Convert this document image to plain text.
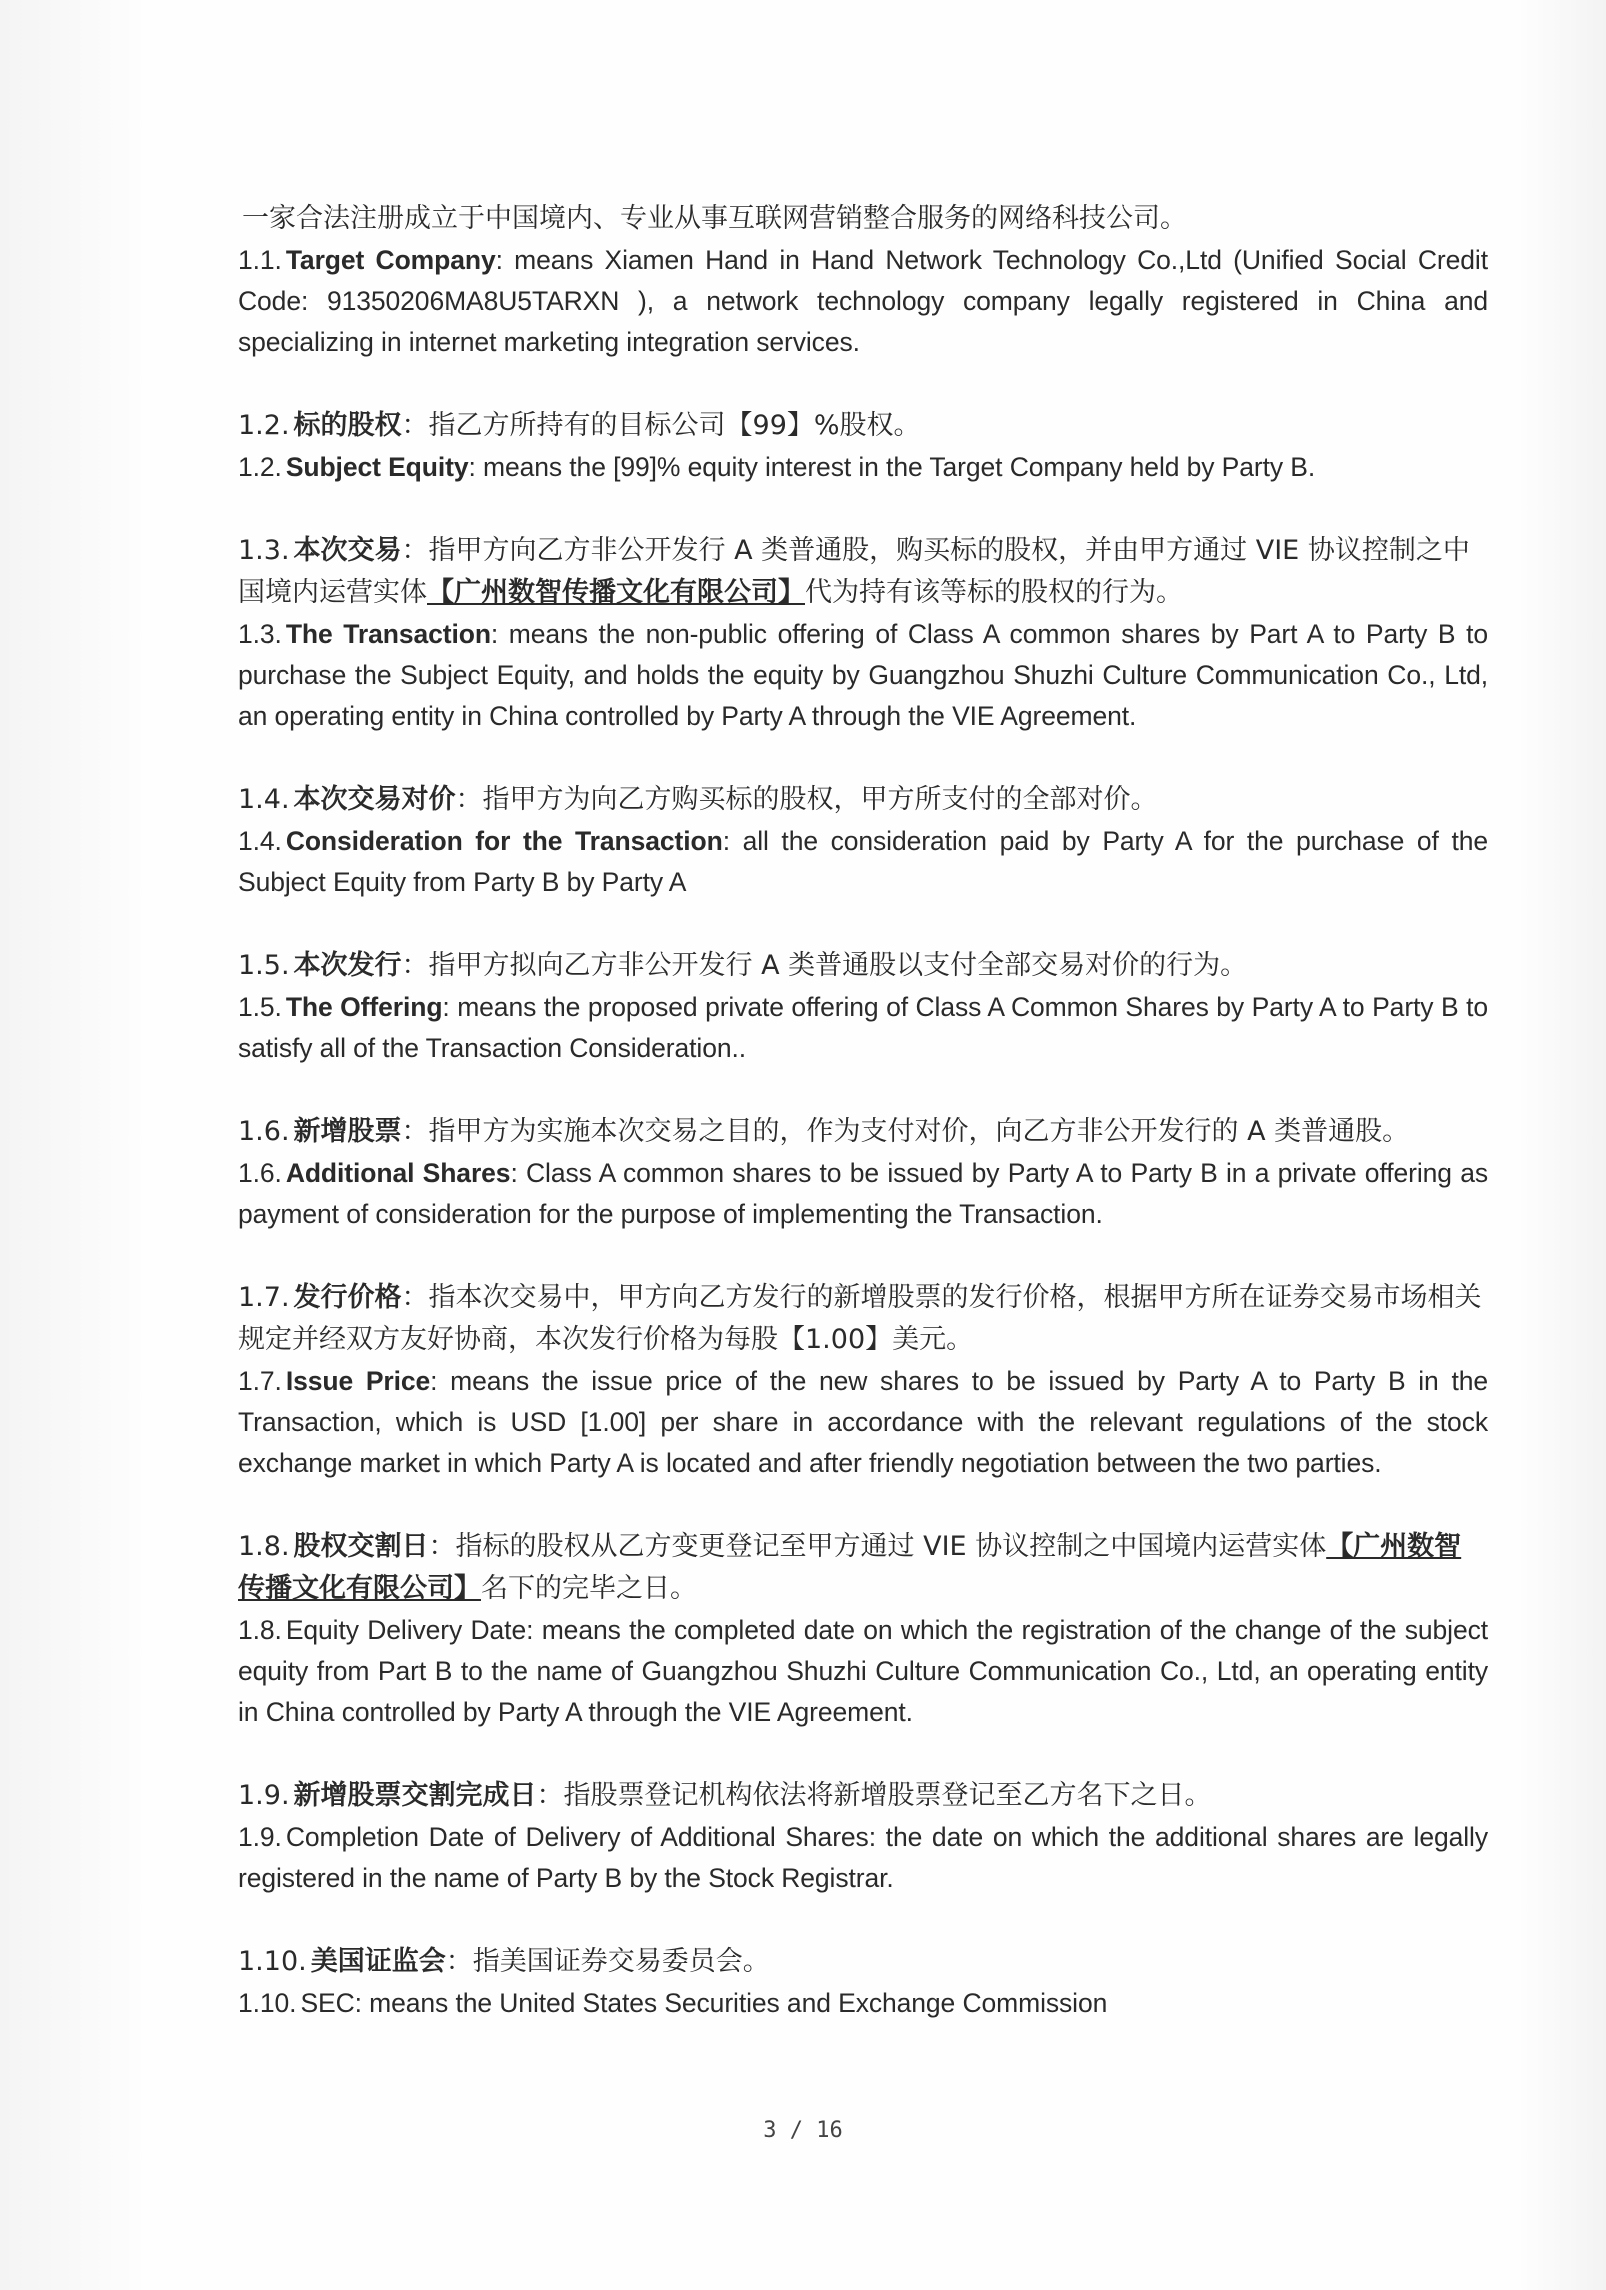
一家合法注册成立于中国境内、专业从事互联网营销整合服务的网络科技公司。

1.1. Target Company: means Xiamen Hand in Hand Network Technology Co.,Ltd (Unified Social Credit Code: 91350206MA8U5TARXN ), a network technology company legally registered in China and specializing in internet marketing integration services.

1.2. 标的股权：指乙方所持有的目标公司【99】%股权。

1.2. Subject Equity: means the [99]% equity interest in the Target Company held by Party B.

1.3. 本次交易：指甲方向乙方非公开发行 A 类普通股，购买标的股权，并由甲方通过 VIE 协议控制之中国境内运营实体【广州数智传播文化有限公司】代为持有该等标的股权的行为。

1.3. The Transaction: means the non-public offering of Class A common shares by Part A to Party B to purchase the Subject Equity, and holds the equity by Guangzhou Shuzhi Culture Communication Co., Ltd, an operating entity in China controlled by Party A through the VIE Agreement.

1.4. 本次交易对价：指甲方为向乙方购买标的股权，甲方所支付的全部对价。

1.4. Consideration for the Transaction: all the consideration paid by Party A for the purchase of the Subject Equity from Party B by Party A

1.5. 本次发行：指甲方拟向乙方非公开发行 A 类普通股以支付全部交易对价的行为。

1.5. The Offering: means the proposed private offering of Class A Common Shares by Party A to Party B to satisfy all of the Transaction Consideration..

1.6. 新增股票：指甲方为实施本次交易之目的，作为支付对价，向乙方非公开发行的 A 类普通股。

1.6. Additional Shares: Class A common shares to be issued by Party A to Party B in a private offering as payment of consideration for the purpose of implementing the Transaction.

1.7. 发行价格：指本次交易中，甲方向乙方发行的新增股票的发行价格，根据甲方所在证券交易市场相关规定并经双方友好协商，本次发行价格为每股【1.00】美元。

1.7. Issue Price: means the issue price of the new shares to be issued by Party A to Party B in the Transaction, which is USD [1.00] per share in accordance with the relevant regulations of the stock exchange market in which Party A is located and after friendly negotiation between the two parties.

1.8. 股权交割日：指标的股权从乙方变更登记至甲方通过 VIE 协议控制之中国境内运营实体【广州数智传播文化有限公司】名下的完毕之日。

1.8. Equity Delivery Date: means the completed date on which the registration of the change of the subject equity from Part B to the name of Guangzhou Shuzhi Culture Communication Co., Ltd, an operating entity in China controlled by Party A through the VIE Agreement.

1.9. 新增股票交割完成日：指股票登记机构依法将新增股票登记至乙方名下之日。

1.9. Completion Date of Delivery of Additional Shares: the date on which the additional shares are legally registered in the name of Party B by the Stock Registrar.

1.10. 美国证监会：指美国证券交易委员会。

1.10. SEC: means the United States Securities and Exchange Commission

3 / 16
